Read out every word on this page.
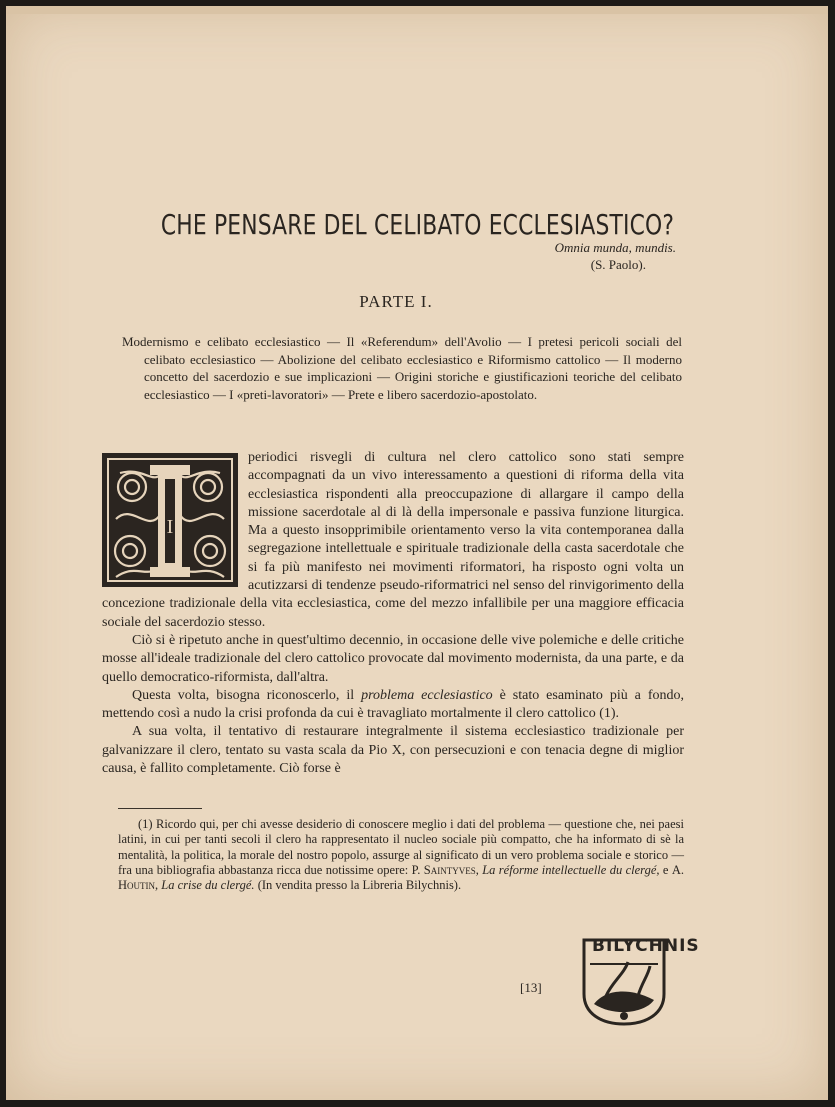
CHE PENSARE DEL CELIBATO ECCLESIASTICO?
Omnia munda, mundis.
(S. Paolo).
PARTE I.
Modernismo e celibato ecclesiastico — Il «Referendum» dell'Avolio — I pretesi pericoli sociali del celibato ecclesiastico — Abolizione del celibato ecclesiastico e Riformismo cattolico — Il moderno concetto del sacerdozio e sue implicazioni — Origini storiche e giustificazioni teoriche del celibato ecclesiastico — I «preti-lavoratori» — Prete e libero sacerdozio-apostolato.
I

periodici risvegli di cultura nel clero cattolico sono stati sempre accompagnati da un vivo interessamento a questioni di riforma della vita ecclesiastica rispondenti alla preoccupazione di allargare il campo della missione sacerdotale al di là della impersonale e passiva funzione liturgica. Ma a questo insopprimibile orientamento verso la vita contemporanea dalla segregazione intellettuale e spirituale tradizionale della casta sacerdotale che si fa più manifesto nei movimenti riformatori, ha risposto ogni volta un acutizzarsi di tendenze pseudo-riformatrici nel senso del rinvigorimento della concezione tradizionale della vita ecclesiastica, come del mezzo infallibile per una maggiore efficacia sociale del sacerdozio stesso.

Ciò si è ripetuto anche in quest'ultimo decennio, in occasione delle vive polemiche e delle critiche mosse all'ideale tradizionale del clero cattolico provocate dal movimento modernista, da una parte, e da quello democratico-riformista, dall'altra.

Questa volta, bisogna riconoscerlo, il problema ecclesiastico è stato esaminato più a fondo, mettendo così a nudo la crisi profonda da cui è travagliato mortalmente il clero cattolico (1).

A sua volta, il tentativo di restaurare integralmente il sistema ecclesiastico tradizionale per galvanizzare il clero, tentato su vasta scala da Pio X, con persecuzioni e con tenacia degne di miglior causa, è fallito completamente. Ciò forse è

(1) Ricordo qui, per chi avesse desiderio di conoscere meglio i dati del problema — questione che, nei paesi latini, in cui per tanti secoli il clero ha rappresentato il nucleo sociale più compatto, che ha informato di sè la mentalità, la politica, la morale del nostro popolo, assurge al significato di un vero problema sociale e storico — fra una bibliografia abbastanza ricca due notissime opere: P. Saintyves, La réforme intellectuelle du clergé, e A. Houtin, La crise du clergé. (In vendita presso la Libreria Bilychnis).
[13]
BILYCHNIS
